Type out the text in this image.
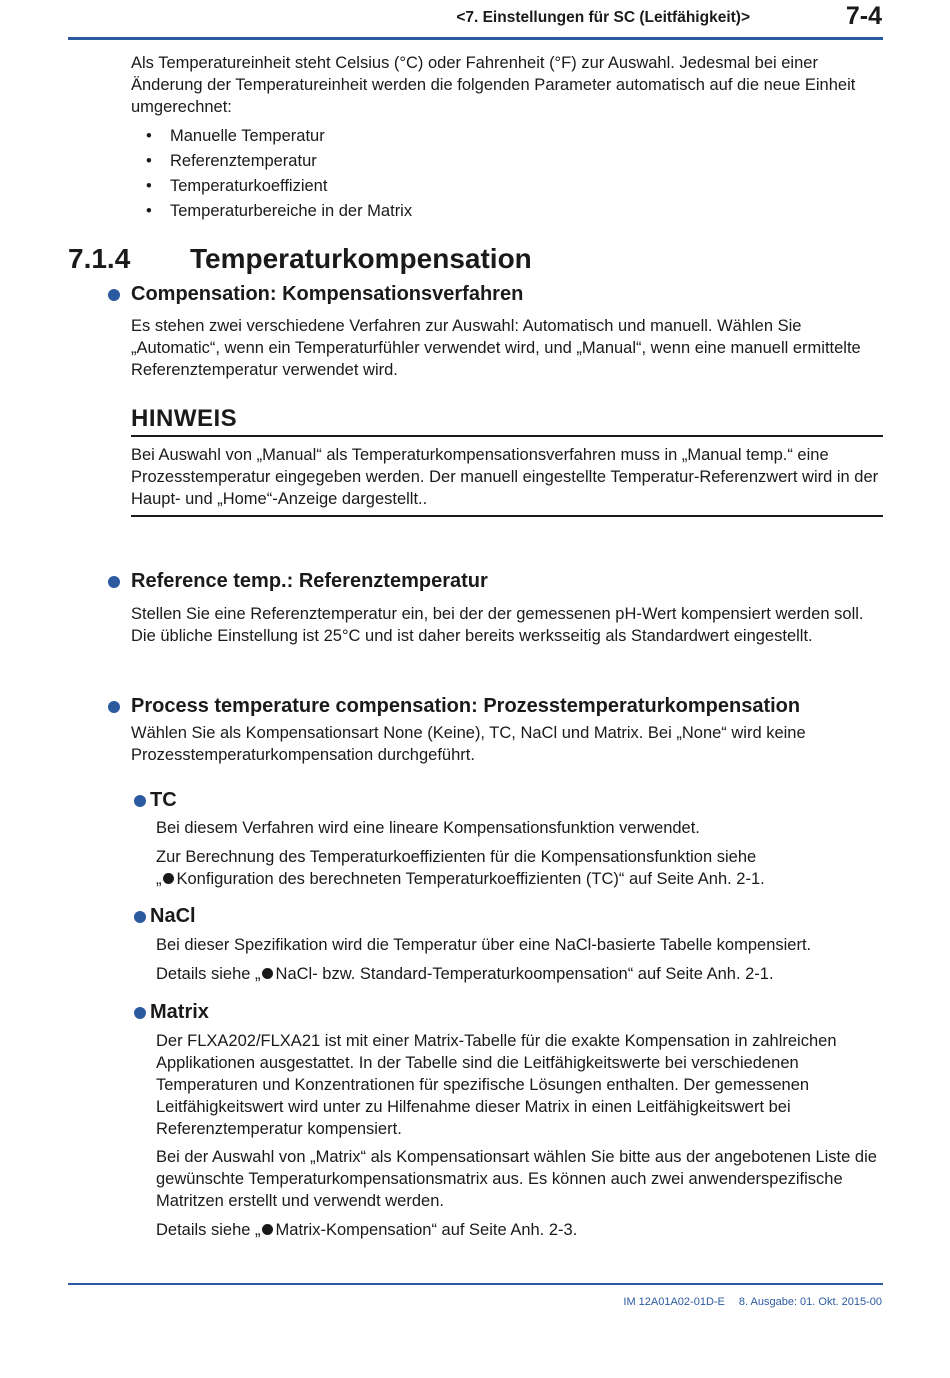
<7. Einstellungen für SC (Leitfähigkeit)>	7-4

Als Temperatureinheit steht Celsius (°C) oder Fahrenheit (°F) zur Auswahl. Jedesmal bei einer Änderung der Temperatureinheit werden die folgenden Parameter automatisch auf die neue Einheit umgerechnet:

• Manuelle Temperatur
• Referenztemperatur
• Temperaturkoeffizient
• Temperaturbereiche in der Matrix
7.1.4 Temperaturkompensation
Compensation: Kompensationsverfahren

Es stehen zwei verschiedene Verfahren zur Auswahl: Automatisch und manuell. Wählen Sie „Automatic“, wenn ein Temperaturfühler verwendet wird, und „Manual“, wenn eine manuell ermittelte Referenztemperatur verwendet wird.

HINWEIS

Bei Auswahl von „Manual“ als Temperaturkompensationsverfahren muss in „Manual temp.“ eine Prozesstemperatur eingegeben werden. Der manuell eingestellte Temperatur-Referenzwert wird in der Haupt- und „Home“-Anzeige dargestellt..

Reference temp.: Referenztemperatur

Stellen Sie eine Referenztemperatur ein, bei der der gemessenen pH-Wert kompensiert werden soll. Die übliche Einstellung ist 25°C und ist daher bereits werksseitig als Standardwert eingestellt.

Process temperature compensation: Prozesstemperaturkompensation

Wählen Sie als Kompensationsart None (Keine), TC, NaCl und Matrix. Bei „None“ wird keine Prozesstemperaturkompensation durchgeführt.

TC

Bei diesem Verfahren wird eine lineare Kompensationsfunktion verwendet.

Zur Berechnung des Temperaturkoeffizienten für die Kompensationsfunktion siehe

„ Konfiguration des berechneten Temperaturkoeffizienten (TC)“ auf Seite Anh. 2-1.

NaCl

Bei dieser Spezifikation wird die Temperatur über eine NaCl-basierte Tabelle kompensiert.

Details siehe „ NaCl- bzw. Standard-Temperaturkoompensation“ auf Seite Anh. 2-1.

Matrix

Der FLXA202/FLXA21 ist mit einer Matrix-Tabelle für die exakte Kompensation in zahlreichen Applikationen ausgestattet. In der Tabelle sind die Leitfähigkeitswerte bei verschiedenen Temperaturen und Konzentrationen für spezifische Lösungen enthalten. Der gemessenen Leitfähigkeitswert wird unter zu Hilfenahme dieser Matrix in einen Leitfähigkeitswert bei Referenztemperatur kompensiert.

Bei der Auswahl von „Matrix“ als Kompensationsart wählen Sie bitte aus der angebotenen Liste die gewünschte Temperaturkompensationsmatrix aus. Es können auch zwei anwenderspezifische Matritzen erstellt und verwendt werden.

Details siehe „ Matrix-Kompensation“ auf Seite Anh. 2-3.

IM 12A01A02-01D-E 8. Ausgabe: 01. Okt. 2015-00
